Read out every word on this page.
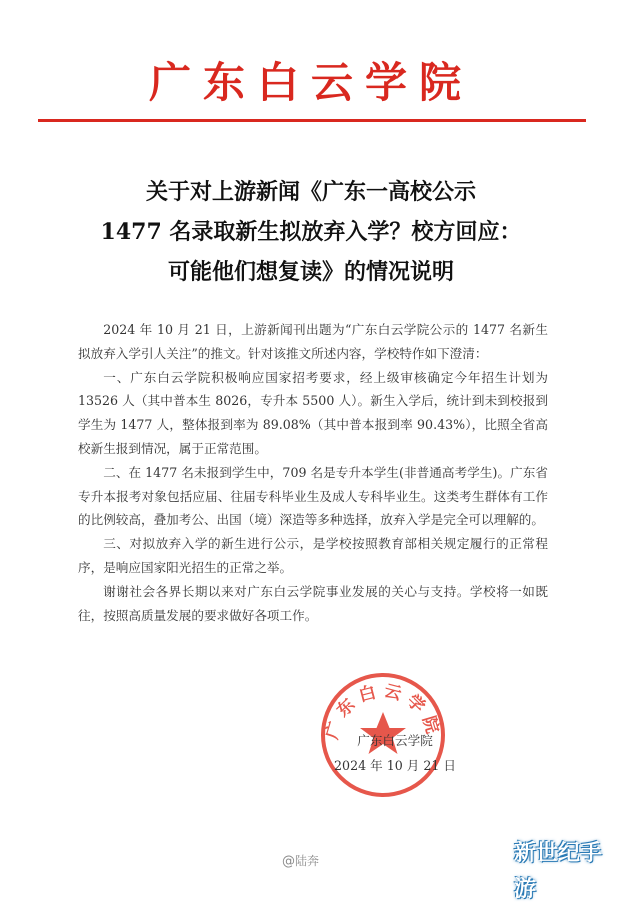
广东白云学院
关于对上游新闻《广东一高校公示
1477 名录取新生拟放弃入学？校方回应：
可能他们想复读》的情况说明

2024 年 10 月 21 日，上游新闻刊出题为“广东白云学院公示的 1477 名新生拟放弃入学引人关注”的推文。针对该推文所述内容，学校特作如下澄清：

一、广东白云学院积极响应国家招考要求，经上级审核确定今年招生计划为 13526 人（其中普本生 8026，专升本 5500 人）。新生入学后，统计到未到校报到学生为 1477 人，整体报到率为 89.08%（其中普本报到率 90.43%），比照全省高校新生报到情况，属于正常范围。

二、在 1477 名未报到学生中，709 名是专升本学生(非普通高考学生)。广东省专升本报考对象包括应届、往届专科毕业生及成人专科毕业生。这类考生群体有工作的比例较高，叠加考公、出国（境）深造等多种选择，放弃入学是完全可以理解的。

三、对拟放弃入学的新生进行公示，是学校按照教育部相关规定履行的正常程序，是响应国家阳光招生的正常之举。

谢谢社会各界长期以来对广东白云学院事业发展的关心与支持。学校将一如既往，按照高质量发展的要求做好各项工作。

广东白云学院
广东白云学院
2024 年 10 月 21 日
@陆奔	新世纪手游
